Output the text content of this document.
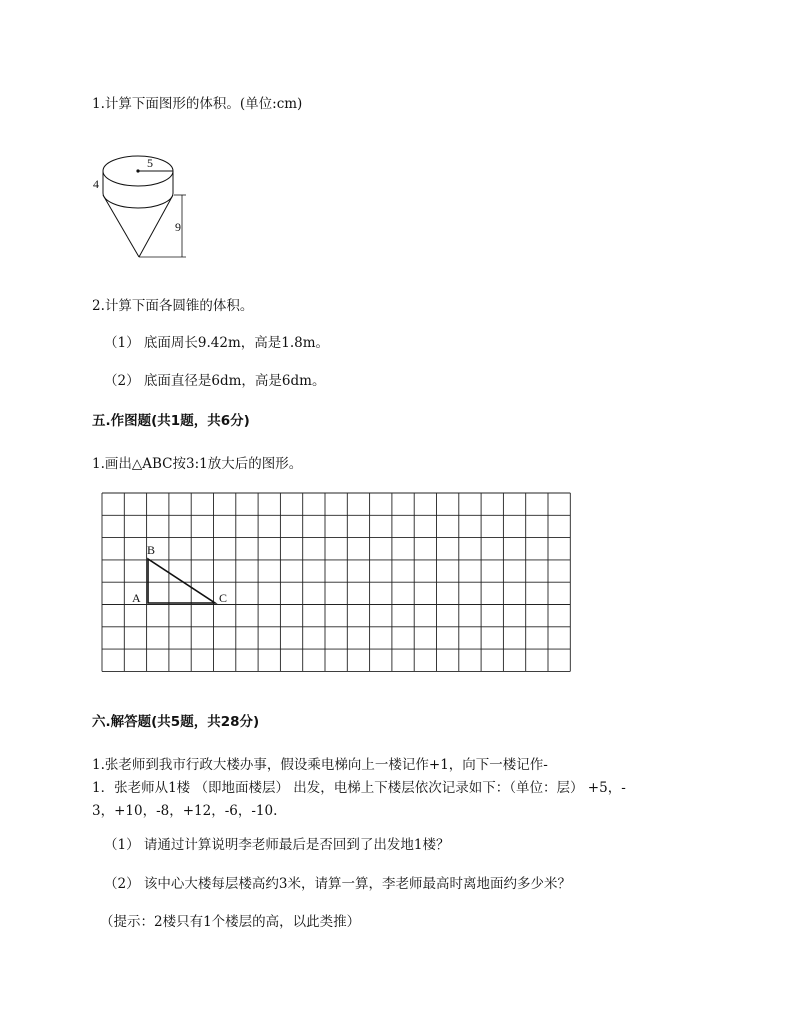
1.计算下面图形的体积。(单位:cm)
5
4
9
2.计算下面各圆锥的体积。
（1） 底面周长9.42m，高是1.8m。
（2） 底面直径是6dm，高是6dm。
五.作图题(共1题，共6分)
1.画出△ABC按3:1放大后的图形。
A
B
C
六.解答题(共5题，共28分)
1.张老师到我市行政大楼办事，假设乘电梯向上一楼记作+1，向下一楼记作-
1．张老师从1楼 （即地面楼层） 出发，电梯上下楼层依次记录如下：（单位：层） +5，-
3，+10，-8，+12，-6，-10.
（1） 请通过计算说明李老师最后是否回到了出发地1楼？
（2） 该中心大楼每层楼高约3米，请算一算，李老师最高时离地面约多少米？
（提示：2楼只有1个楼层的高，以此类推）
